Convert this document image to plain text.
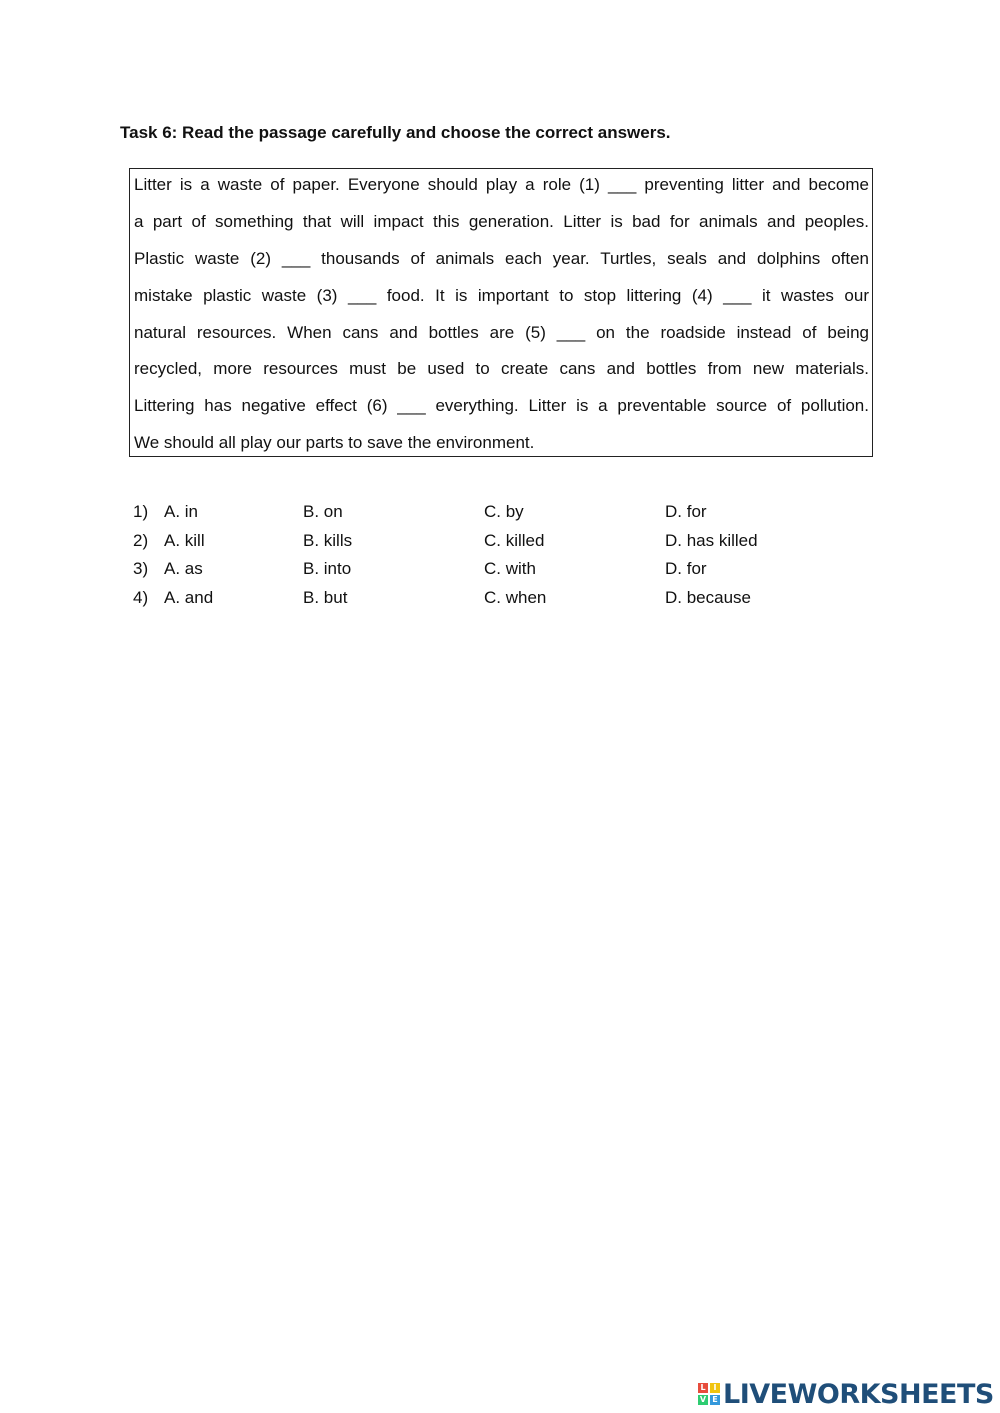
Task 6: Read the passage carefully and choose the correct answers.
Litter is a waste of paper. Everyone should play a role (1) ___ preventing litter and become
a part of something that will impact this generation. Litter is bad for animals and peoples.
Plastic waste (2) ___ thousands of animals each year. Turtles, seals and dolphins often
mistake plastic waste (3) ___ food. It is important to stop littering (4) ___ it wastes our
natural resources. When cans and bottles are (5) ___ on the roadside instead of being
recycled, more resources must be used to create cans and bottles from new materials.
Littering has negative effect (6) ___ everything. Litter is a preventable source of pollution.
We should all play our parts to save the environment.
1) A. in	B. on	C. by	D. for
2) A. kill	B. kills	C. killed	D. has killed
3) A. as	B. into	C. with	D. for
4) A. and	B. but	C. when	D. because
L I
V E LIVEWORKSHEETS
